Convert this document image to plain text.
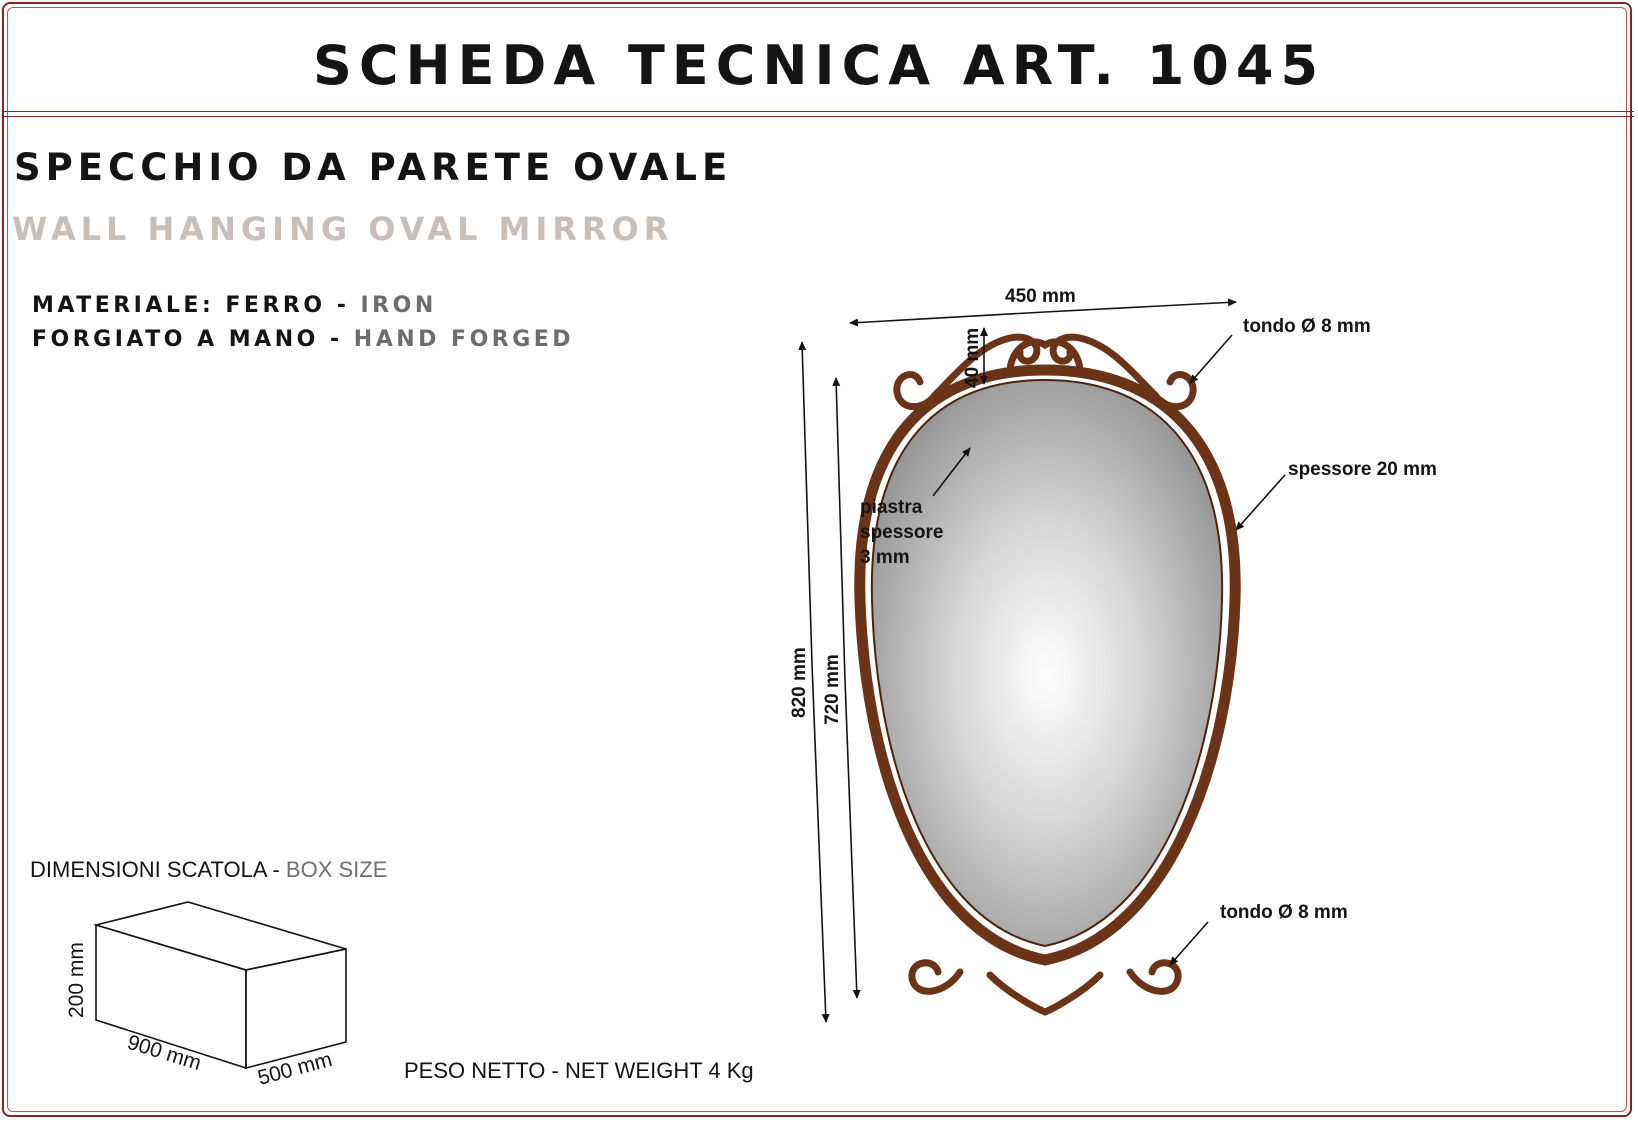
SCHEDA TECNICA ART. 1045
SPECCHIO DA PARETE OVALE
WALL HANGING OVAL MIRROR
MATERIALE: FERRO - IRON
FORGIATO A MANO - HAND FORGED
DIMENSIONI SCATOLA - BOX SIZE
PESO NETTO - NET WEIGHT 4 Kg
450 mm
tondo Ø 8 mm
spessore 20 mm
tondo Ø 8 mm
piastra
spessore
3 mm
820 mm 720 mm
40 mm
200 mm
900 mm 500 mm
